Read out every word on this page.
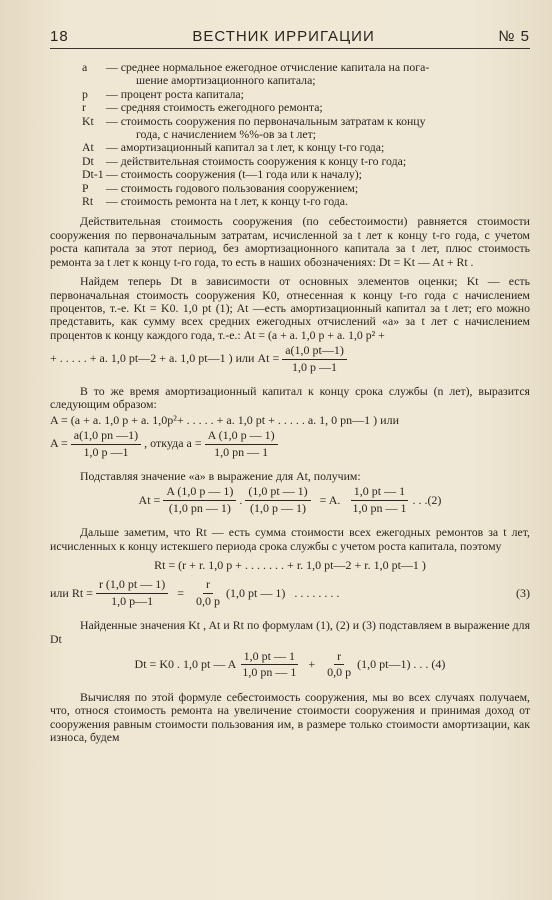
18	ВЕСТНИК ИРРИГАЦИИ	№ 5
a	— среднее нормальное ежегодное отчисление капитала на пога-
шение амортизационного капитала;
p	— процент роста капитала;
r	— средняя стоимость ежегодного ремонта;
Kt	— стоимость сооружения по первоначальным затратам к концу
года, с начислением %%-ов за t лет;
At	— амортизационный капитал за t лет, к концу t-го года;
Dt	— действительная стоимость сооружения к концу t-го года;
Dt-1 — стоимость сооружения (t—1 года или к началу);
P	— стоимость годового пользования сооружением;
Rt	— стоимость ремонта на t лет, к концу t-го года.

Действительная стоимость сооружения (по себестоимости) равняется стоимости сооружения по первоначальным затратам, исчисленной за t лет к концу t-го года, с учетом роста капитала за этот период, без амортизационного капитала за t лет, плюс стоимость ремонта за t лет к концу t-го года, то есть в наших обозначениях: Dt = Kt — At + Rt .

Найдем теперь Dt в зависимости от основных элементов оценки; Kt — есть первоначальная стоимость сооружения K0, отнесенная к концу t-го года с начислением процентов, т.-е. Kt = K0. 1,0 pt (1); At —есть амортизационный капитал за t лет; его можно представить, как сумму всех средних ежегодных отчислений «a» за t лет с начислением процентов к концу каждого года, т.-е.: At = (a + a. 1,0 p + a. 1,0 p² +

+ . . . . . + a. 1,0 pt—2 + a. 1,0 pt—1 ) или $At = \frac{a(1,0 pt—1)}{1,0 p —1}$

В то же время амортизационный капитал к концу срока службы (n лет), выразится следующим образом:

A = (a + a. 1,0 p + a. 1,0p²+ . . . . . + a. 1,0 pt + . . . . . a. 1, 0 pn—1 ) или
$A = \frac{a(1,0 pn —1)}{1,0 p —1}$ , откуда $a = \frac{A (1,0 p — 1)}{1,0 pn — 1}$

Подставляя значение «a» в выражение для At, получим:

$At = \frac{A (1,0 p — 1)}{(1,0 pn — 1)}$ . $\frac{(1,0 pt — 1)}{(1,0 p — 1)} = A$. $\frac{1,0 pt — 1}{1,0 pn — 1}$ . . .(2)

Дальше заметим, что Rt — есть сумма стоимости всех ежегодных ремонтов за t лет, исчисленных к концу истекшего периода срока службы с учетом роста капитала, поэтому

Rt = (r + r. 1,0 p + . . . . . . . + r. 1,0 pt—2 + r. 1,0 pt—1 )
или $Rt = \frac{r (1,0 pt — 1)}{1,0 p—1} = \frac{r}{0,0 p} (1,0$ pt — 1)   . . . . . . . .	(3)

Найденные значения Kt , At и Rt по формулам (1), (2) и (3) подставляем в выражение для Dt

Dt = K0 . 1,0 pt — A $\frac{1,0 pt — 1}{1,0 pn — 1} + \frac{r}{0,0 p} (1,0$ pt—1) . . . (4)

Вычисляя по этой формуле себестоимость сооружения, мы во всех случаях получаем, что, относя стоимость ремонта на увеличение стоимости сооружения и принимая доход от сооружения равным стоимости пользования им, в размере только стоимости амортизации, как износа, будем
